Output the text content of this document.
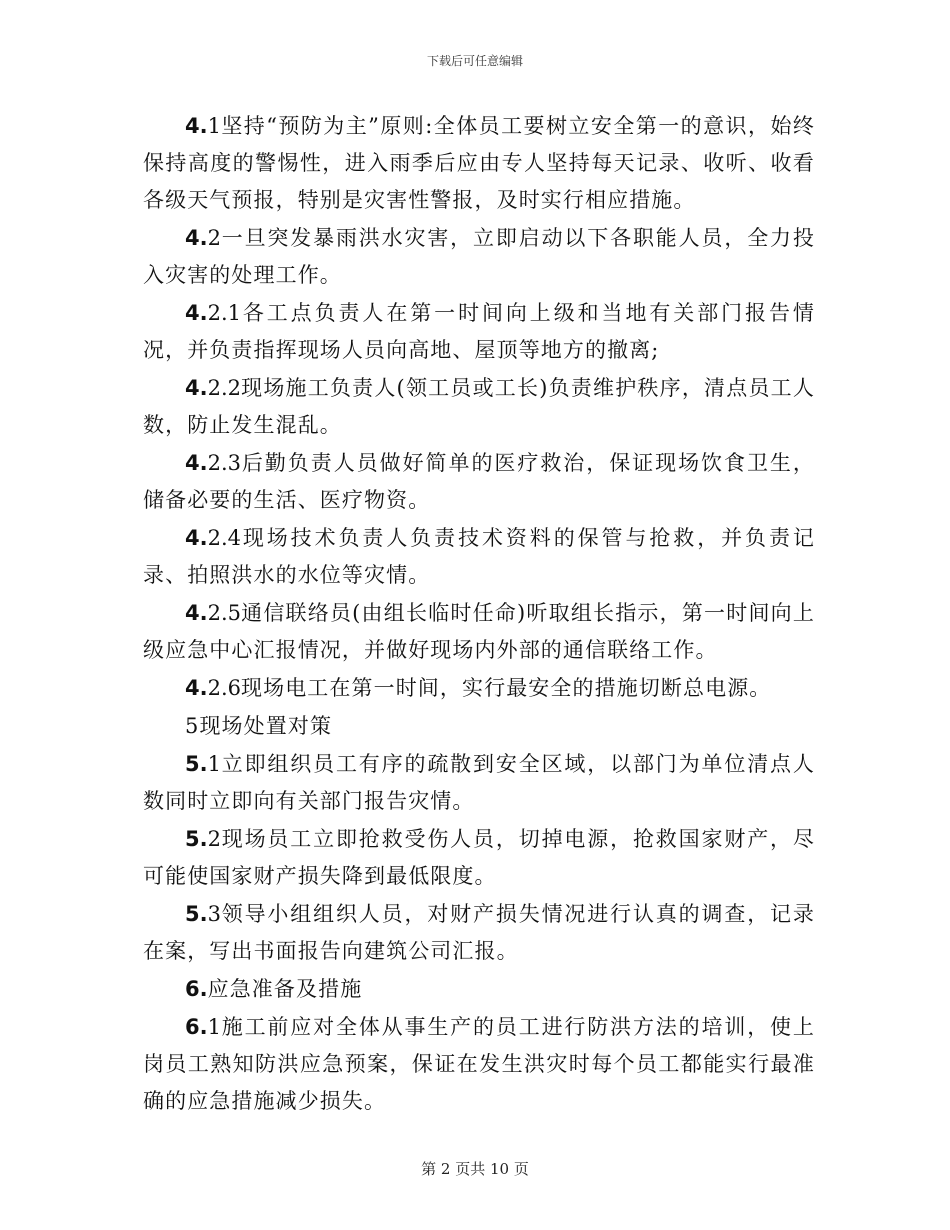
下载后可任意编辑

4.1坚持“预防为主”原则:全体员工要树立安全第一的意识，始终保持高度的警惕性，进入雨季后应由专人坚持每天记录、收听、收看各级天气预报，特别是灾害性警报，及时实行相应措施。

4.2一旦突发暴雨洪水灾害，立即启动以下各职能人员，全力投入灾害的处理工作。

4.2.1各工点负责人在第一时间向上级和当地有关部门报告情况，并负责指挥现场人员向高地、屋顶等地方的撤离;

4.2.2现场施工负责人(领工员或工长)负责维护秩序，清点员工人数，防止发生混乱。

4.2.3后勤负责人员做好简单的医疗救治，保证现场饮食卫生，储备必要的生活、医疗物资。

4.2.4现场技术负责人负责技术资料的保管与抢救，并负责记录、拍照洪水的水位等灾情。

4.2.5通信联络员(由组长临时任命)听取组长指示，第一时间向上级应急中心汇报情况，并做好现场内外部的通信联络工作。

4.2.6现场电工在第一时间，实行最安全的措施切断总电源。

5现场处置对策

5.1立即组织员工有序的疏散到安全区域，以部门为单位清点人数同时立即向有关部门报告灾情。

5.2现场员工立即抢救受伤人员，切掉电源，抢救国家财产，尽可能使国家财产损失降到最低限度。

5.3领导小组组织人员，对财产损失情况进行认真的调查，记录在案，写出书面报告向建筑公司汇报。

6.应急准备及措施

6.1施工前应对全体从事生产的员工进行防洪方法的培训，使上岗员工熟知防洪应急预案，保证在发生洪灾时每个员工都能实行最准确的应急措施减少损失。

第 2 页共 10 页
